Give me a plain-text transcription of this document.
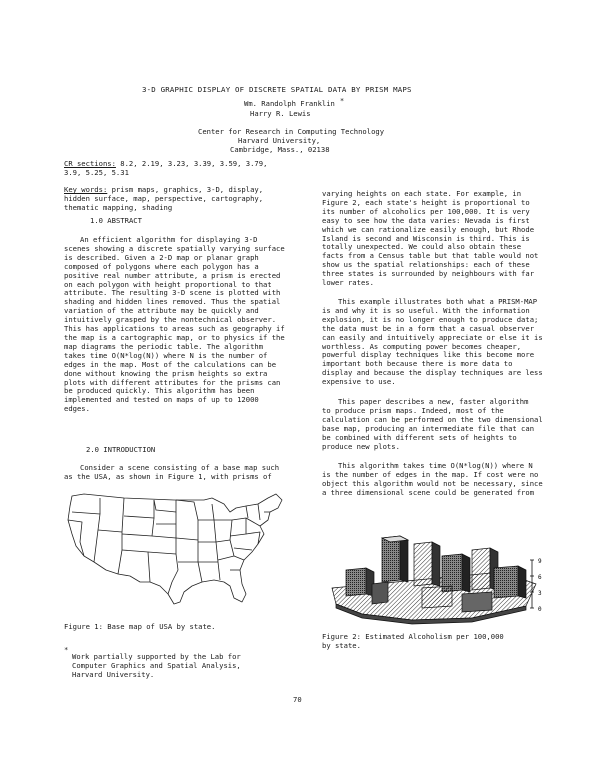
3-D GRAPHIC DISPLAY OF DISCRETE SPATIAL DATA BY PRISM MAPS
Wm. Randolph Franklin *
Harry R. Lewis
Center for Research in Computing Technology
Harvard University,
Cambridge, Mass., 02138
CR sections: 8.2, 2.19, 3.23, 3.39, 3.59, 3.79,
3.9, 5.25, 5.31
Key words: prism maps, graphics, 3-D, display,
hidden surface, map, perspective, cartography,
thematic mapping, shading
1.0 ABSTRACT
An efficient algorithm for displaying 3-D
scenes showing a discrete spatially varying surface
is described. Given a 2-D map or planar graph
composed of polygons where each polygon has a
positive real number attribute, a prism is erected
on each polygon with height proportional to that
attribute. The resulting 3-D scene is plotted with
shading and hidden lines removed. Thus the spatial
variation of the attribute may be quickly and
intuitively grasped by the nontechnical observer.
This has applications to areas such as geography if
the map is a cartographic map, or to physics if the
map diagrams the periodic table. The algorithm
takes time O(N*log(N)) where N is the number of
edges in the map. Most of the calculations can be
done without knowing the prism heights so extra
plots with different attributes for the prisms can
be produced quickly. This algorithm has been
implemented and tested on maps of up to 12000
edges.
2.0 INTRODUCTION
Consider a scene consisting of a base map such
as the USA, as shown in Figure 1, with prisms of
Figure 1: Base map of USA by state.
*
Work partially supported by the Lab for
Computer Graphics and Spatial Analysis,
Harvard University.
varying heights on each state. For example, in
Figure 2, each state's height is proportional to
its number of alcoholics per 100,000. It is very
easy to see how the data varies: Nevada is first
which we can rationalize easily enough, but Rhode
Island is second and Wisconsin is third. This is
totally unexpected. We could also obtain these
facts from a Census table but that table would not
show us the spatial relationships: each of these
three states is surrounded by neighbours with far
lower rates.
This example illustrates both what a PRISM-MAP
is and why it is so useful. With the information
explosion, it is no longer enough to produce data;
the data must be in a form that a casual observer
can easily and intuitively appreciate or else it is
worthless. As computing power becomes cheaper,
powerful display techniques like this become more
important both because there is more data to
display and because the display techniques are less
expensive to use.
This paper describes a new, faster algorithm
to produce prism maps. Indeed, most of the
calculation can be performed on the two dimensional
base map, producing an intermediate file that can
be combined with different sets of heights to
produce new plots.
This algorithm takes time O(N*log(N)) where N
is the number of edges in the map. If cost were no
object this algorithm would not be necessary, since
a three dimensional scene could be generated from
9
6
3
0
Figure 2: Estimated Alcoholism per 100,000
by state.
70
